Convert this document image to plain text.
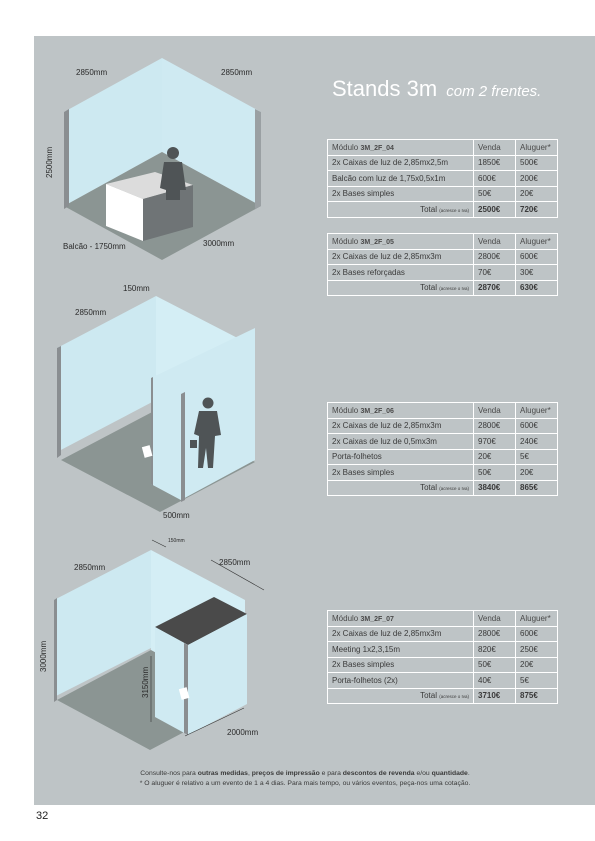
Stands 3m com 2 frentes.
2850mm	2850mm
2500mm
Balcão - 1750mm	3000mm
150mm
2850mm
500mm
150mm
2850mm
2850mm
3000mm
3150mm
2000mm
Módulo 3M_2F_04	Venda	Aluguer*
2x Caixas de luz de 2,85mx2,5m	1850€	500€
Balcão com luz de 1,75x0,5x1m	600€	200€
2x Bases simples	50€	20€
Total (acresce o Iva)	2500€	720€
Módulo 3M_2F_05	Venda	Aluguer*
2x Caixas de luz de 2,85mx3m	2800€	600€
2x Bases reforçadas	70€	30€
Total (acresce o Iva)	2870€	630€
Módulo 3M_2F_06	Venda	Aluguer*
2x Caixas de luz de 2,85mx3m	2800€	600€
2x Caixas de luz de 0,5mx3m	970€	240€
Porta-folhetos	20€	5€
2x Bases simples	50€	20€
Total (acresce o Iva)	3840€	865€
Módulo 3M_2F_07	Venda	Aluguer*
2x Caixas de luz de 2,85mx3m	2800€	600€
Meeting 1x2,3,15m	820€	250€
2x Bases simples	50€	20€
Porta-folhetos (2x)	40€	5€
Total (acresce o Iva)	3710€	875€
Consulte-nos para outras medidas, preços de impressão e para descontos de revenda e/ou quantidade.
* O aluguer é relativo a um evento de 1 a 4 dias. Para mais tempo, ou vários eventos, peça-nos uma cotação.
32
